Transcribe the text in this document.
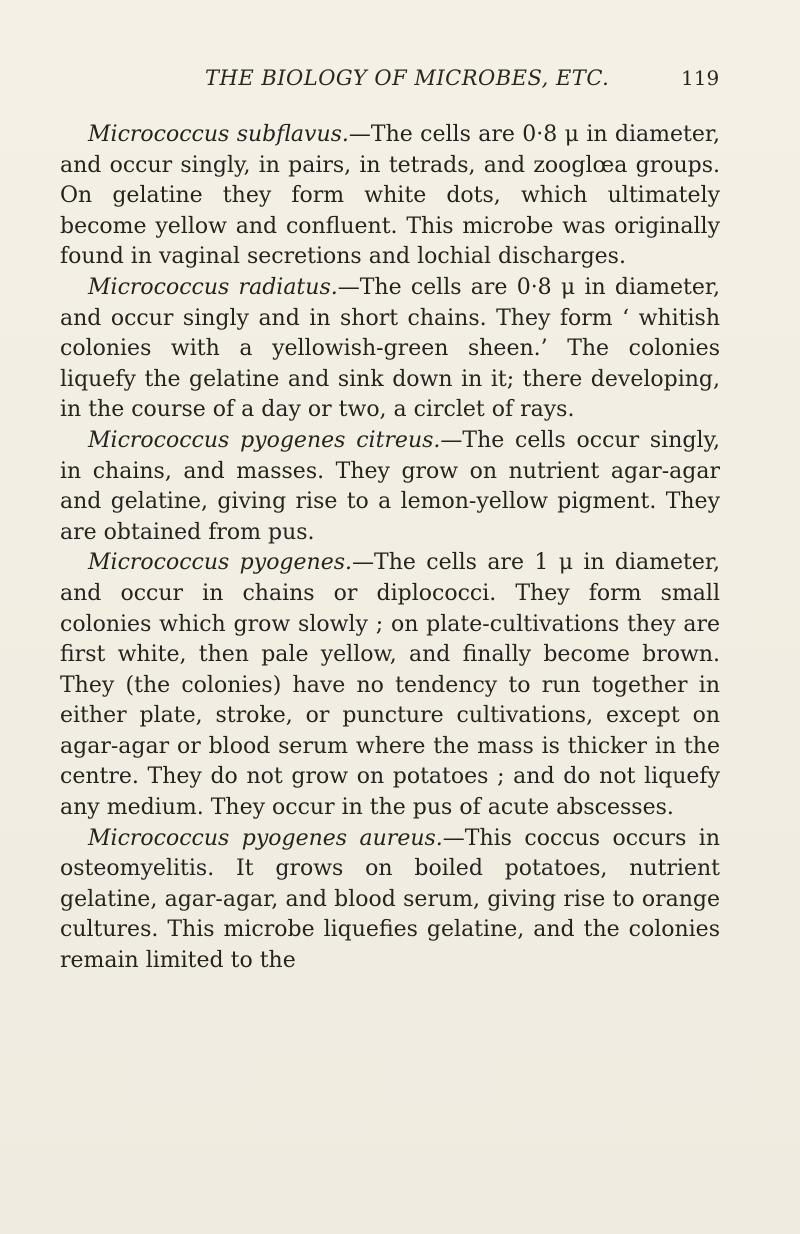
THE BIOLOGY OF MICROBES, ETC.	119

Micrococcus subflavus.—The cells are 0·8 μ in diameter, and occur singly, in pairs, in tetrads, and zooglœa groups. On gelatine they form white dots, which ultimately become yellow and confluent. This microbe was originally found in vaginal secretions and lochial discharges.

Micrococcus radiatus.—The cells are 0·8 μ in diameter, and occur singly and in short chains. They form ‘ whitish colonies with a yellowish-green sheen.’ The colonies liquefy the gelatine and sink down in it; there developing, in the course of a day or two, a circlet of rays.

Micrococcus pyogenes citreus.—The cells occur singly, in chains, and masses. They grow on nutrient agar-agar and gelatine, giving rise to a lemon-yellow pigment. They are obtained from pus.

Micrococcus pyogenes.—The cells are 1 μ in diameter, and occur in chains or diplococci. They form small colonies which grow slowly ; on plate-cultivations they are first white, then pale yellow, and finally become brown. They (the colonies) have no tendency to run together in either plate, stroke, or puncture cultivations, except on agar-agar or blood serum where the mass is thicker in the centre. They do not grow on potatoes ; and do not liquefy any medium. They occur in the pus of acute abscesses.

Micrococcus pyogenes aureus.—This coccus occurs in osteomyelitis. It grows on boiled potatoes, nutrient gelatine, agar-agar, and blood serum, giving rise to orange cultures. This microbe liquefies gelatine, and the colonies remain limited to the
